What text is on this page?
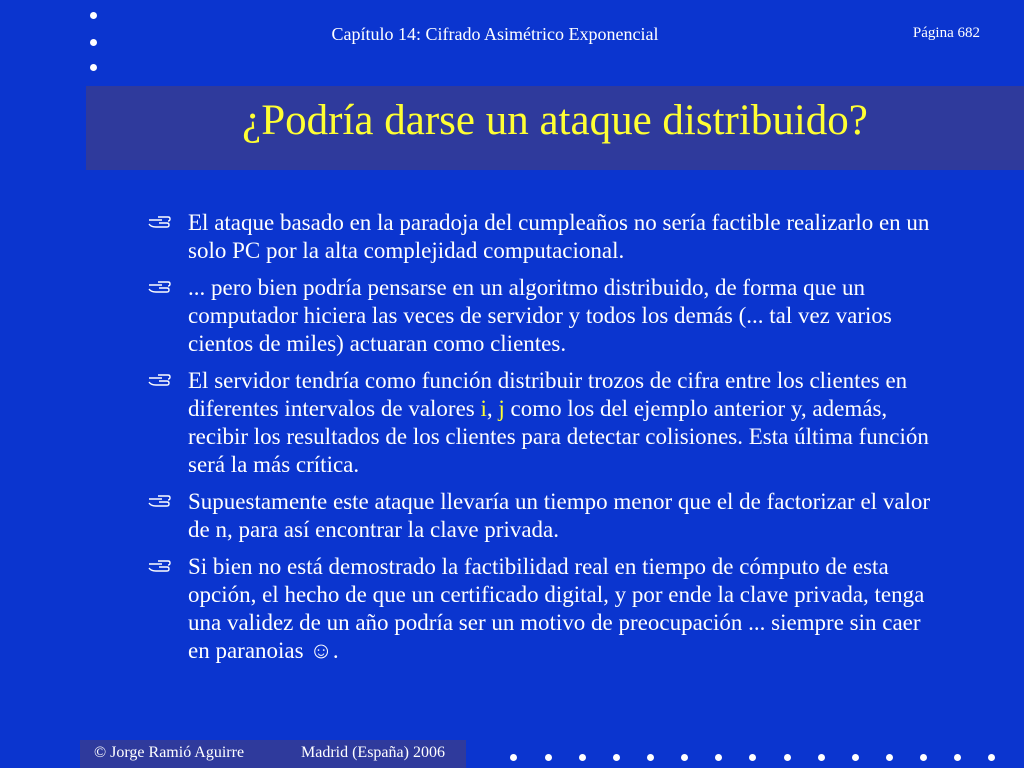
Capítulo 14: Cifrado Asimétrico Exponencial	Página 682
¿Podría darse un ataque distribuido?
El ataque basado en la paradoja del cumpleaños no sería factible realizarlo en un solo PC por la alta complejidad computacional.
... pero bien podría pensarse en un algoritmo distribuido, de forma que un computador hiciera las veces de servidor y todos los demás (... tal vez varios cientos de miles) actuaran como clientes.
El servidor tendría como función distribuir trozos de cifra entre los clientes en diferentes intervalos de valores i, j como los del ejemplo anterior y, además, recibir los resultados de los clientes para detectar colisiones. Esta última función será la más crítica.
Supuestamente este ataque llevaría un tiempo menor que el de factorizar el valor de n, para así encontrar la clave privada.
Si bien no está demostrado la factibilidad real en tiempo de cómputo de esta opción, el hecho de que un certificado digital, y por ende la clave privada, tenga una validez de un año podría ser un motivo de preocupación ... siempre sin caer en paranoias ☺.
© Jorge Ramió Aguirre	Madrid (España) 2006
